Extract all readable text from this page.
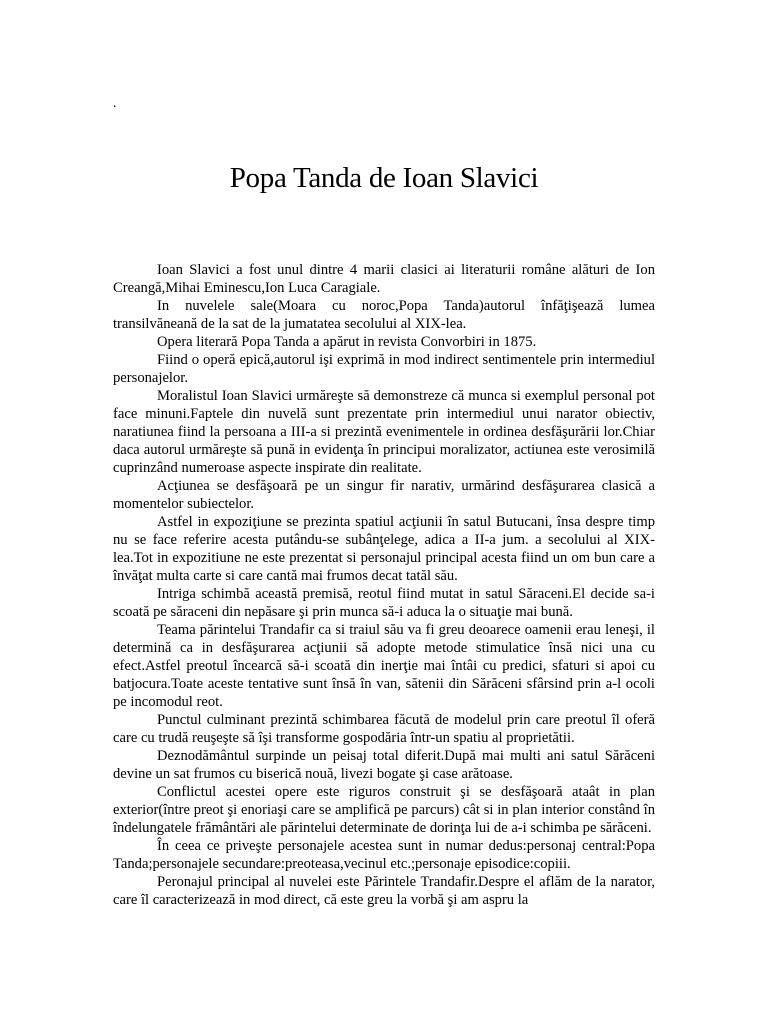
.
Popa Tanda de Ioan Slavici

Ioan Slavici a fost unul dintre 4 marii clasici ai literaturii române alături de Ion Creangă,Mihai Eminescu,Ion Luca Caragiale.

In nuvelele sale(Moara cu noroc,Popa Tanda)autorul înfăţişează lumea transilvăneană de la sat de la jumatatea secolului al XIX-lea.

Opera literară Popa Tanda a apărut in revista Convorbiri in 1875.

Fiind o operă epică,autorul işi exprimă in mod indirect sentimentele prin intermediul personajelor.

Moralistul Ioan Slavici urmăreşte să demonstreze că munca si exemplul personal pot face minuni.Faptele din nuvelă sunt prezentate prin intermediul unui narator obiectiv, naratiunea fiind la persoana a III-a si prezintă evenimentele in ordinea desfăşurării lor.Chiar daca autorul urmăreşte să pună in evidenţa în principui moralizator, actiunea este verosimilă cuprinzând numeroase aspecte inspirate din realitate.

Acţiunea se desfăşoară pe un singur fir narativ, urmărind desfăşurarea clasică a momentelor subiectelor.

Astfel in expoziţiune se prezinta spatiul acţiunii în satul Butucani, însa despre timp nu se face referire acesta putându-se subânţelege, adica a II-a jum. a secolului al XIX-lea.Tot in expozitiune ne este prezentat si personajul principal acesta fiind un om bun care a învăţat multa carte si care cantă mai frumos decat tatăl său.

Intriga schimbă această premisă, reotul fiind mutat in satul Săraceni.El decide sa-i scoată pe săraceni din nepăsare şi prin munca să-i aduca la o situaţie mai bună.

Teama părintelui Trandafir ca si traiul său va fi greu deoarece oamenii erau leneşi, il determină ca in desfăşurarea acţiunii să adopte metode stimulatice însă nici una cu efect.Astfel preotul încearcă să-i scoată din inerţie mai întâi cu predici, sfaturi si apoi cu batjocura.Toate aceste tentative sunt însă în van, sătenii din Sărăceni sfârsind prin a-l ocoli pe incomodul reot.

Punctul culminant prezintă schimbarea făcută de modelul prin care preotul îl oferă care cu trudă reuşeşte să îşi transforme gospodăria într-un spatiu al proprietătii.

Deznodământul surpinde un peisaj total diferit.După mai multi ani satul Sărăceni devine un sat frumos cu biserică nouă, livezi bogate şi case arătoase.

Conflictul acestei opere este riguros construit şi se desfăşoară ataât in plan exterior(între preot şi enoriaşi care se amplifică pe parcurs) cât si in plan interior constând în îndelungatele frământări ale părintelui determinate de dorinţa lui de a-i schimba pe sărăceni.

În ceea ce priveşte personajele acestea sunt in numar dedus:personaj central:Popa Tanda;personajele secundare:preoteasa,vecinul etc.;personaje episodice:copiii.

Peronajul principal al nuvelei este Părintele Trandafir.Despre el aflăm de la narator, care îl caracterizează in mod direct, că este greu la vorbă şi am aspru la
